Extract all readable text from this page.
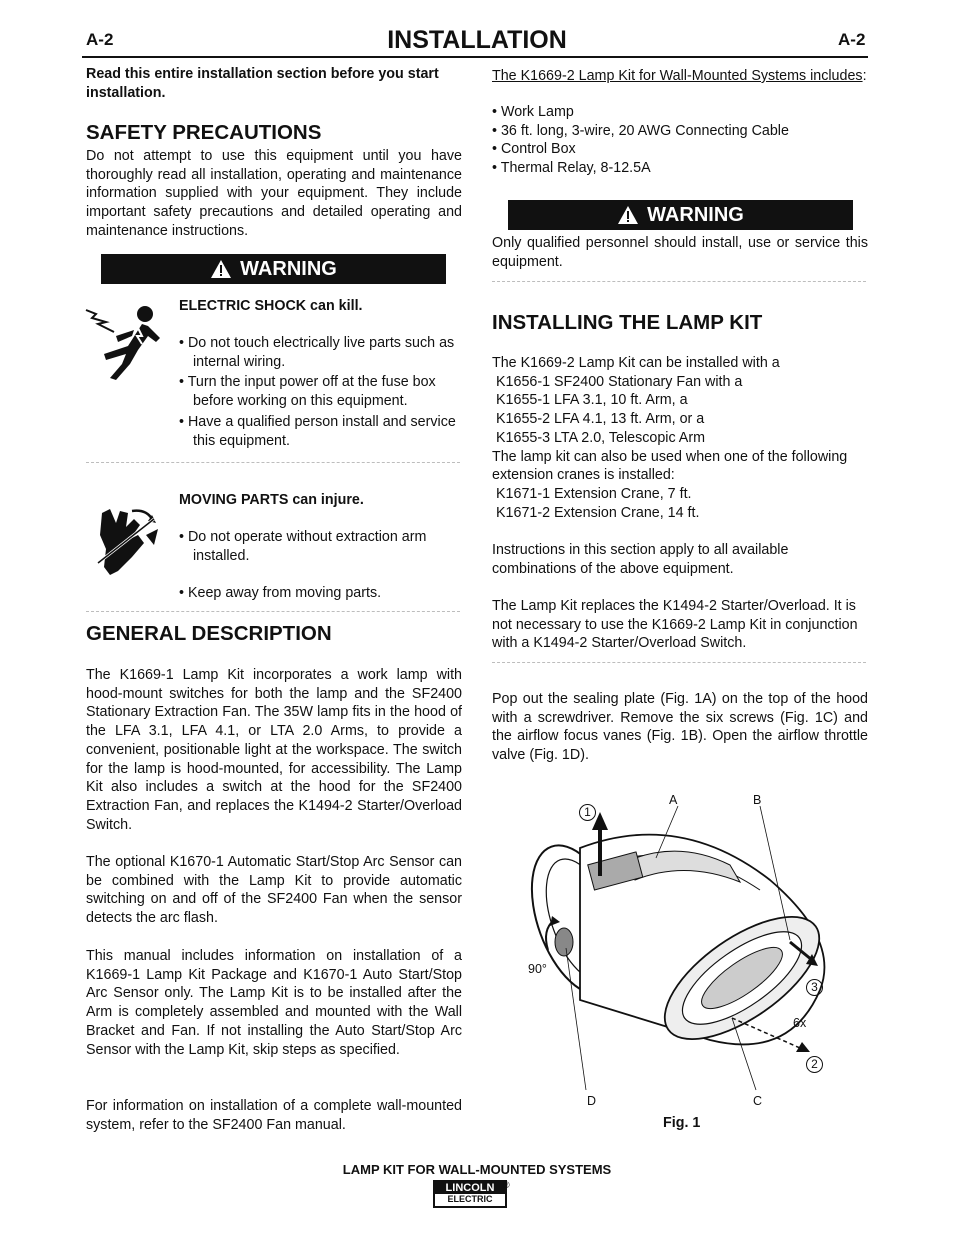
A-2	INSTALLATION	A-2
Read this entire installation section before you start installation.
SAFETY PRECAUTIONS
Do not attempt to use this equipment until you have thoroughly read all installation, operating and maintenance information supplied with your equipment. They include important safety precautions and detailed operating and maintenance instructions.
WARNING
ELECTRIC SHOCK can kill.
• Do not touch electrically live parts such as internal wiring.
• Turn the input power off at the fuse box before working on this equipment.
• Have a qualified person install and service this equipment.
MOVING PARTS can injure.
• Do not operate without extraction arm installed.
• Keep away from moving parts.
GENERAL DESCRIPTION
The K1669-1 Lamp Kit incorporates a work lamp with hood-mount switches for both the lamp and the SF2400 Stationary Extraction Fan. The 35W lamp fits in the hood of the LFA 3.1, LFA 4.1, or LTA 2.0 Arms, to provide a convenient, positionable light at the workspace. The switch for the lamp is hood-mounted, for accessibility. The Lamp Kit also includes a switch at the hood for the SF2400 Extraction Fan, and replaces the K1494-2 Starter/Overload Switch.
The optional K1670-1 Automatic Start/Stop Arc Sensor can be combined with the Lamp Kit to provide automatic switching on and off of the SF2400 Fan when the sensor detects the arc flash.
This manual includes information on installation of a K1669-1 Lamp Kit Package and K1670-1 Auto Start/Stop Arc Sensor only. The Lamp Kit is to be installed after the Arm is completely assembled and mounted with the Wall Bracket and Fan. If not installing the Auto Start/Stop Arc Sensor with the Lamp Kit, skip steps as specified.
For information on installation of a complete wall-mounted system, refer to the SF2400 Fan manual.
The K1669-2 Lamp Kit for Wall-Mounted Systems includes:
• Work Lamp
• 36 ft. long, 3-wire, 20 AWG Connecting Cable
• Control Box
• Thermal Relay, 8-12.5A
WARNING
Only qualified personnel should install, use or service this equipment.
INSTALLING THE LAMP KIT
The K1669-2 Lamp Kit can be installed with a
K1656-1 SF2400 Stationary Fan with a
K1655-1 LFA 3.1, 10 ft. Arm, a
K1655-2 LFA 4.1, 13 ft. Arm, or a
K1655-3 LTA 2.0, Telescopic Arm
The lamp kit can also be used when one of the following extension cranes is installed:
K1671-1 Extension Crane, 7 ft.
K1671-2 Extension Crane, 14 ft.
Instructions in this section apply to all available combinations of the above equipment.
The Lamp Kit replaces the K1494-2 Starter/Overload. It is not necessary to use the K1669-2 Lamp Kit in conjunction with a K1494-2 Starter/Overload Switch.
Pop out the sealing plate (Fig. 1A) on the top of the hood with a screwdriver. Remove the six screws (Fig. 1C) and the airflow focus vanes (Fig. 1B). Open the airflow throttle valve (Fig. 1D).
A	B
C
D
1
3
2
90°
6x
Fig. 1
LAMP KIT FOR WALL-MOUNTED SYSTEMS
LINCOLN
ELECTRIC
®
